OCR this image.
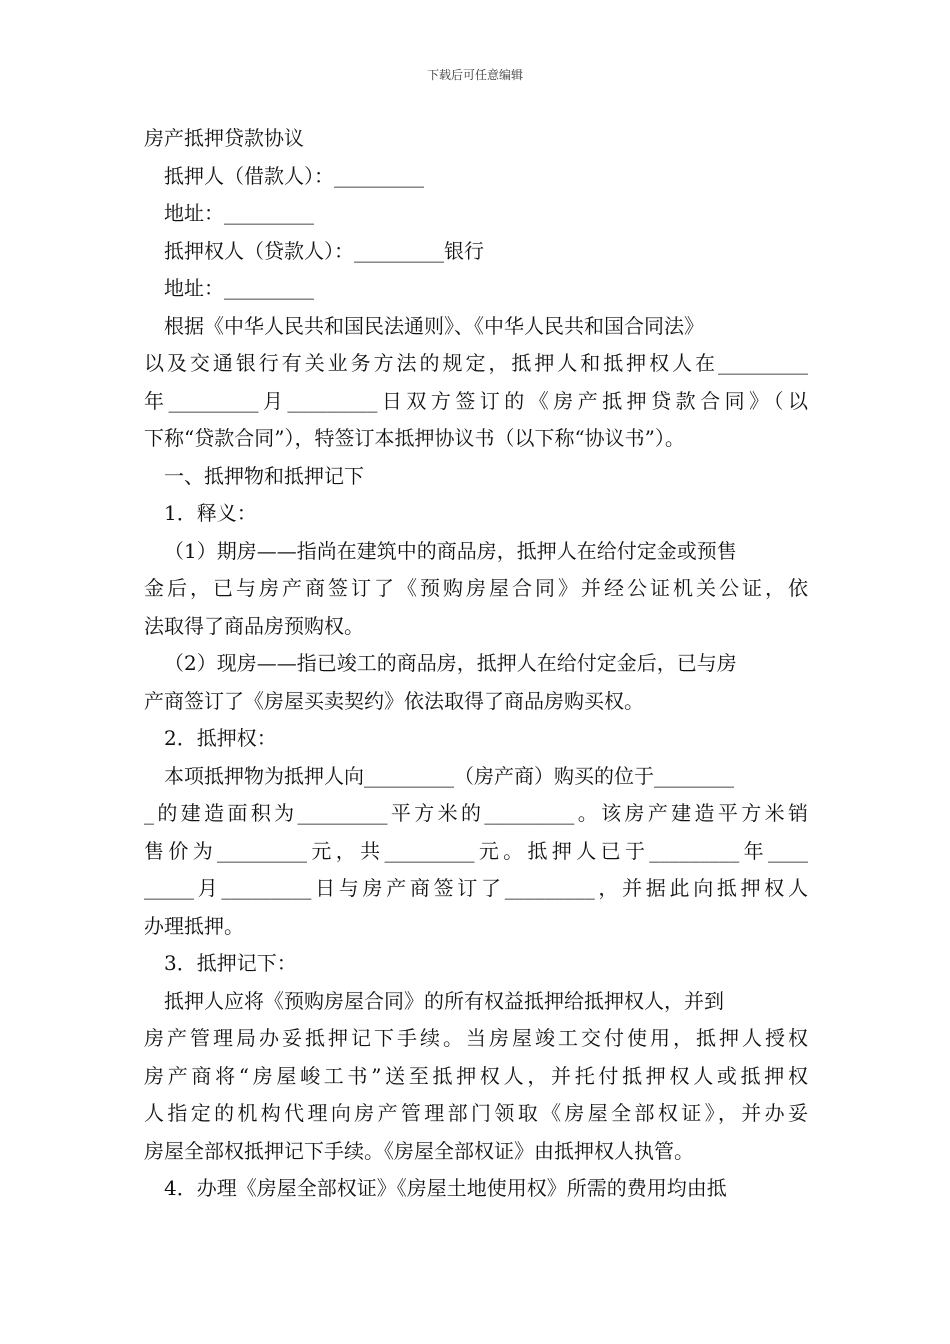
下载后可任意编辑
房产抵押贷款协议
抵押人（借款人）：_________
地址：_________
抵押权人（贷款人）：_________银行
地址：_________
根据《中华人民共和国民法通则》、《中华人民共和国合同法》
以及交通银行有关业务方法的规定，抵押人和抵押权人在_________
年_________月_________日双方签订的《房产抵押贷款合同》（以
下称“贷款合同”），特签订本抵押协议书（以下称“协议书”）。
一、抵押物和抵押记下
1．释义：
（1）期房——指尚在建筑中的商品房，抵押人在给付定金或预售
金后，已与房产商签订了《预购房屋合同》并经公证机关公证，依
法取得了商品房预购权。
（2）现房——指已竣工的商品房，抵押人在给付定金后，已与房
产商签订了《房屋买卖契约》依法取得了商品房购买权。
2．抵押权：
本项抵押物为抵押人向_________（房产商）购买的位于________
_的建造面积为_________平方米的_________。该房产建造平方米销
售价为_________元，共_________元。抵押人已于_________年____
_____月_________日与房产商签订了_________，并据此向抵押权人
办理抵押。
3．抵押记下：
抵押人应将《预购房屋合同》的所有权益抵押给抵押权人，并到
房产管理局办妥抵押记下手续。当房屋竣工交付使用，抵押人授权
房产商将“房屋峻工书”送至抵押权人，并托付抵押权人或抵押权
人指定的机构代理向房产管理部门领取《房屋全部权证》，并办妥
房屋全部权抵押记下手续。《房屋全部权证》由抵押权人执管。
4．办理《房屋全部权证》《房屋土地使用权》所需的费用均由抵
